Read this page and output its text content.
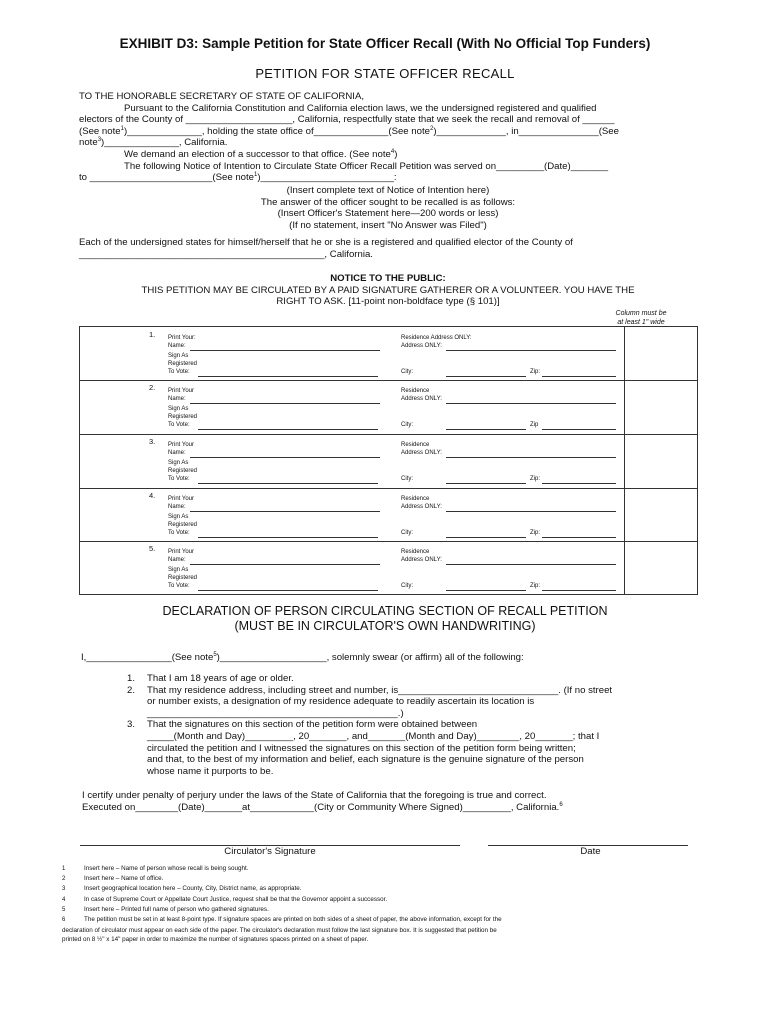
EXHIBIT D3: Sample Petition for State Officer Recall (With No Official Top Funders)
PETITION FOR STATE OFFICER RECALL
TO THE HONORABLE SECRETARY OF STATE OF CALIFORNIA,
Pursuant to the California Constitution and California election laws, we the undersigned registered and qualified
electors of the County of ____________________, California, respectfully state that we seek the recall and removal of ______
(See note$^1$)______________, holding the state office of______________(See note$^2$)_____________, in_______________(See
note$^3$)______________, California.
We demand an election of a successor to that office. (See note$^4$)
The following Notice of Intention to Circulate State Officer Recall Petition was served on_________(Date)_______
to _______________________(See note$^1$)_________________________:
(Insert complete text of Notice of Intention here)
The answer of the officer sought to be recalled is as follows:
(Insert Officer's Statement here—200 words or less)
(If no statement, insert "No Answer was Filed")
Each of the undersigned states for himself/herself that he or she is a registered and qualified elector of the County of
______________________________________________, California.
NOTICE TO THE PUBLIC:
THIS PETITION MAY BE CIRCULATED BY A PAID SIGNATURE GATHERER OR A VOLUNTEER. YOU HAVE THE
RIGHT TO ASK. [11-point non-boldface type (§ 101)]
Column must be
at least 1" wide
1. Print Your:
Name:
Sign As
Registered
To Vote:
Residence Address ONLY:
Address ONLY:
City:	Zip:
2. Print Your
Name:
Sign As
Registered
To Vote:
Residence
Address ONLY:
City:	Zip
3. Print Your
Name:
Sign As
Registered
To Vote:
Residence
Address ONLY:
City:	Zip:
4. Print Your
Name:
Sign As
Registered
To Vote:
Residence
Address ONLY:
City:	Zip:
5. Print Your
Name:
Sign As
Registered
To Vote:
Residence
Address ONLY:
City:	Zip:
DECLARATION OF PERSON CIRCULATING SECTION OF RECALL PETITION
(MUST BE IN CIRCULATOR'S OWN HANDWRITING)
I,________________(See note$^5$)____________________, solemnly swear (or affirm) all of the following:
1. That I am 18 years of age or older.
2. That my residence address, including street and number, is______________________________. (If no street
or number exists, a designation of my residence adequate to readily ascertain its location is
_______________________________________________.)
3. That the signatures on this section of the petition form were obtained between
_____(Month and Day)_________, 20_______, and_______(Month and Day)________, 20_______; that I
circulated the petition and I witnessed the signatures on this section of the petition form being written;
and that, to the best of my information and belief, each signature is the genuine signature of the person
whose name it purports to be.
I certify under penalty of perjury under the laws of the State of California that the foregoing is true and correct.
Executed on________(Date)_______at____________(City or Community Where Signed)_________, California.$^6$
Circulator's Signature	Date
1	Insert here – Name of person whose recall is being sought.
2	Insert here – Name of office.
3	Insert geographical location here – County, City, District name, as appropriate.
4	In case of Supreme Court or Appellate Court Justice, request shall be that the Governor appoint a successor.
5	Insert here – Printed full name of person who gathered signatures.
6	The petition must be set in at least 8-point type. If signature spaces are printed on both sides of a sheet of paper, the above information, except for the
declaration of circulator must appear on each side of the paper. The circulator's declaration must follow the last signature box. It is suggested that petition be
printed on 8 ½" x 14" paper in order to maximize the number of signatures spaces printed on a sheet of paper.
